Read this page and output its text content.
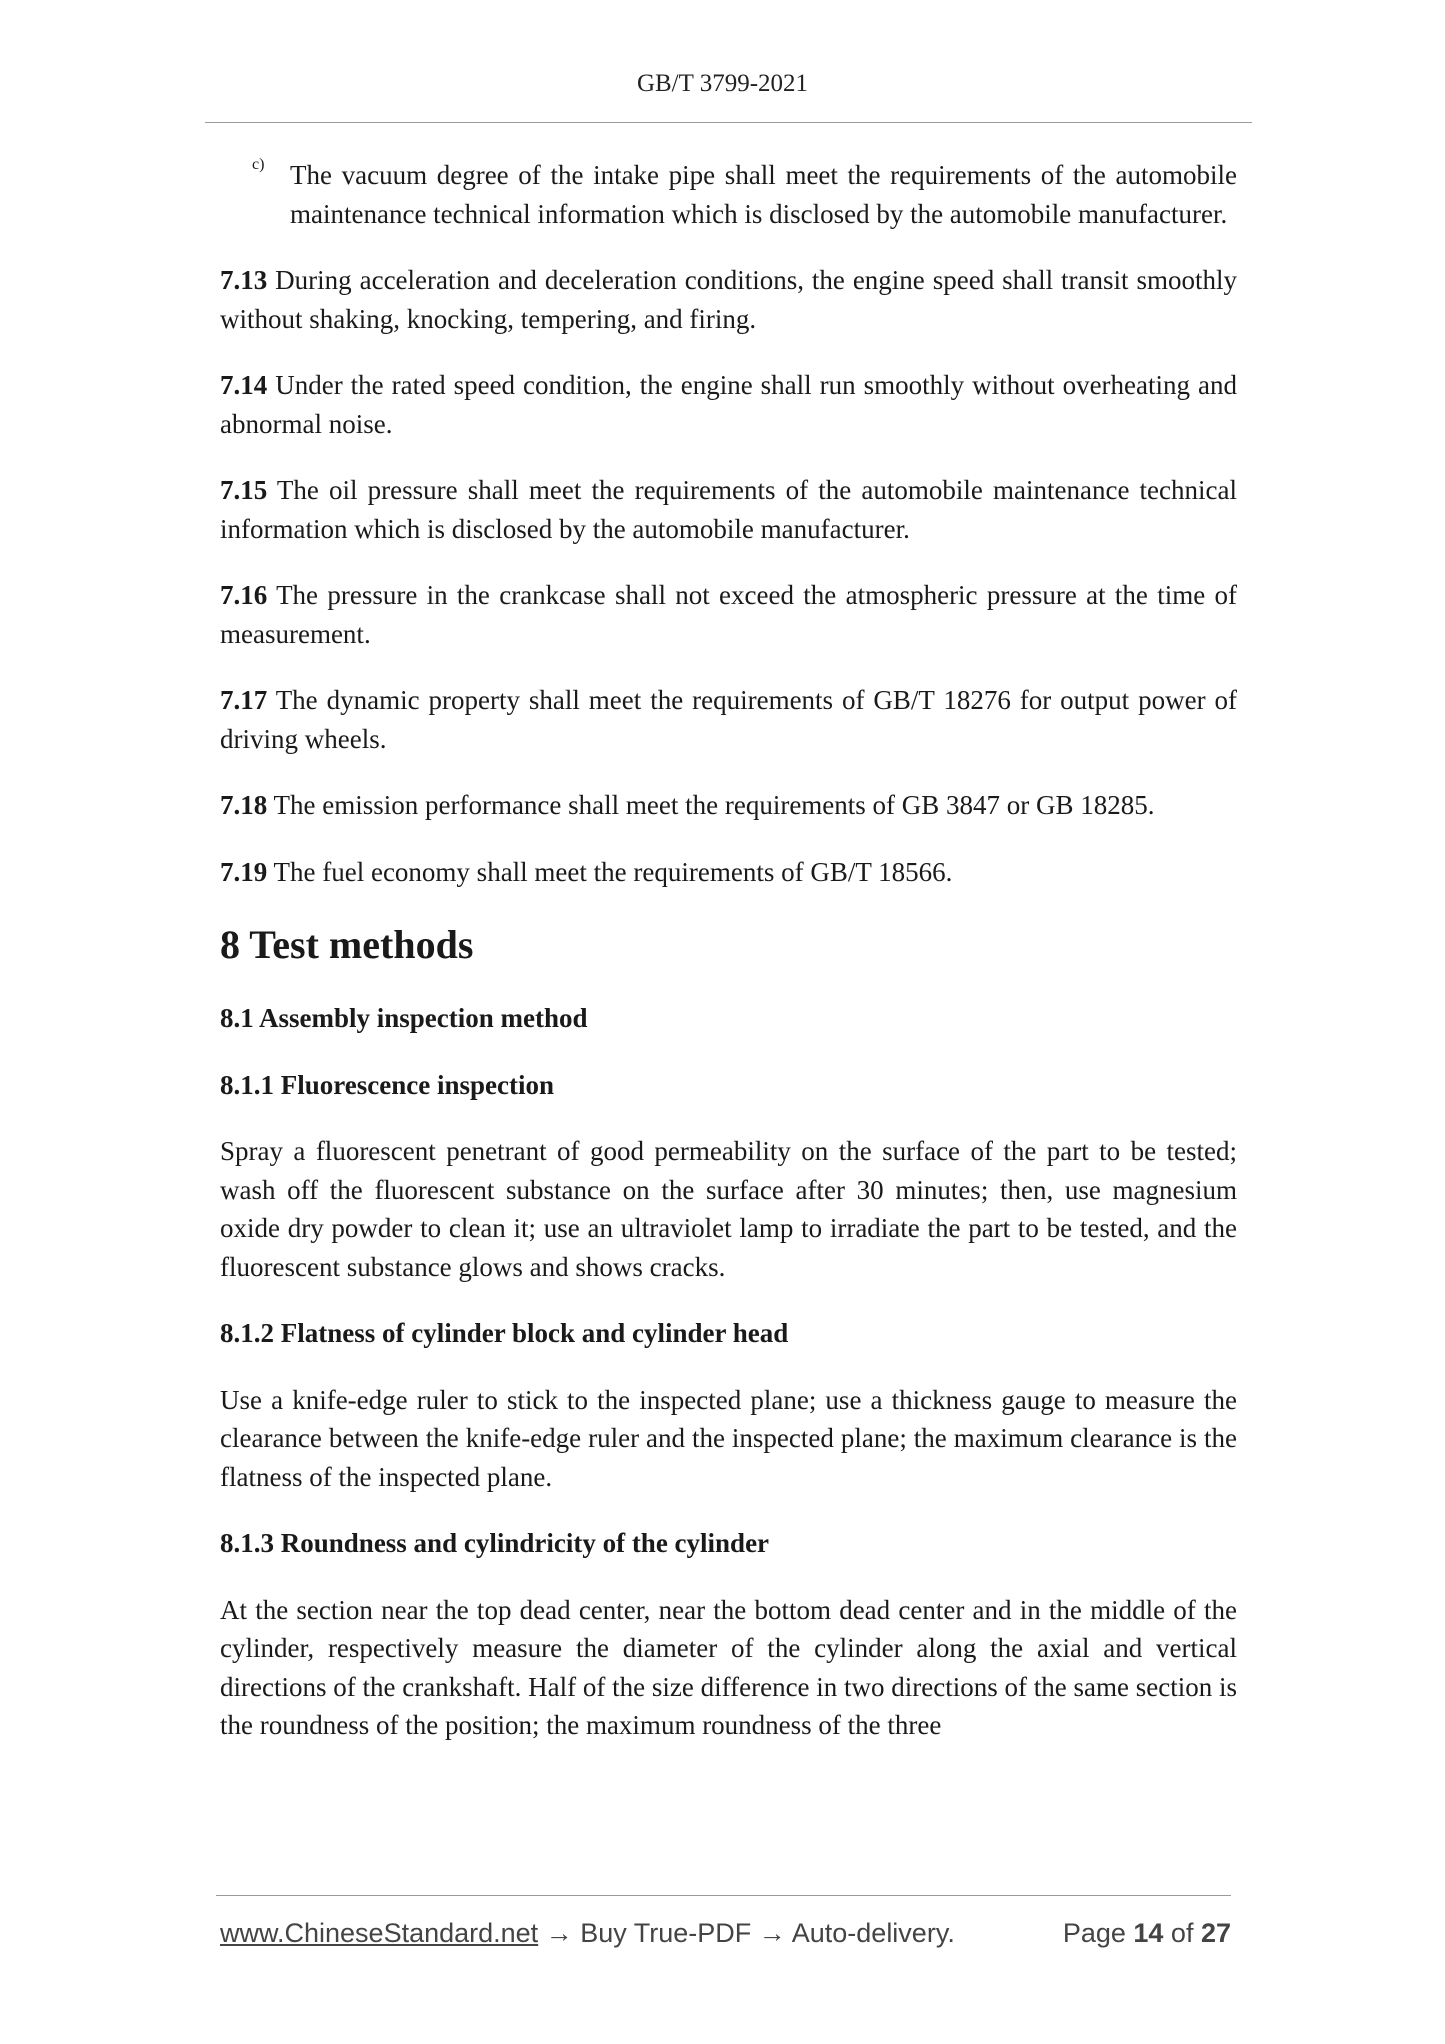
GB/T 3799-2021
c) The vacuum degree of the intake pipe shall meet the requirements of the automobile maintenance technical information which is disclosed by the automobile manufacturer.

7.13 During acceleration and deceleration conditions, the engine speed shall transit smoothly without shaking, knocking, tempering, and firing.

7.14 Under the rated speed condition, the engine shall run smoothly without overheating and abnormal noise.

7.15 The oil pressure shall meet the requirements of the automobile maintenance technical information which is disclosed by the automobile manufacturer.

7.16 The pressure in the crankcase shall not exceed the atmospheric pressure at the time of measurement.

7.17 The dynamic property shall meet the requirements of GB/T 18276 for output power of driving wheels.

7.18 The emission performance shall meet the requirements of GB 3847 or GB 18285.

7.19 The fuel economy shall meet the requirements of GB/T 18566.

8 Test methods
8.1 Assembly inspection method
8.1.1 Fluorescence inspection

Spray a fluorescent penetrant of good permeability on the surface of the part to be tested; wash off the fluorescent substance on the surface after 30 minutes; then, use magnesium oxide dry powder to clean it; use an ultraviolet lamp to irradiate the part to be tested, and the fluorescent substance glows and shows cracks.

8.1.2 Flatness of cylinder block and cylinder head

Use a knife-edge ruler to stick to the inspected plane; use a thickness gauge to measure the clearance between the knife-edge ruler and the inspected plane; the maximum clearance is the flatness of the inspected plane.

8.1.3 Roundness and cylindricity of the cylinder

At the section near the top dead center, near the bottom dead center and in the middle of the cylinder, respectively measure the diameter of the cylinder along the axial and vertical directions of the crankshaft. Half of the size difference in two directions of the same section is the roundness of the position; the maximum roundness of the three

www.ChineseStandard.net → Buy True-PDF → Auto-delivery.	Page 14 of 27
